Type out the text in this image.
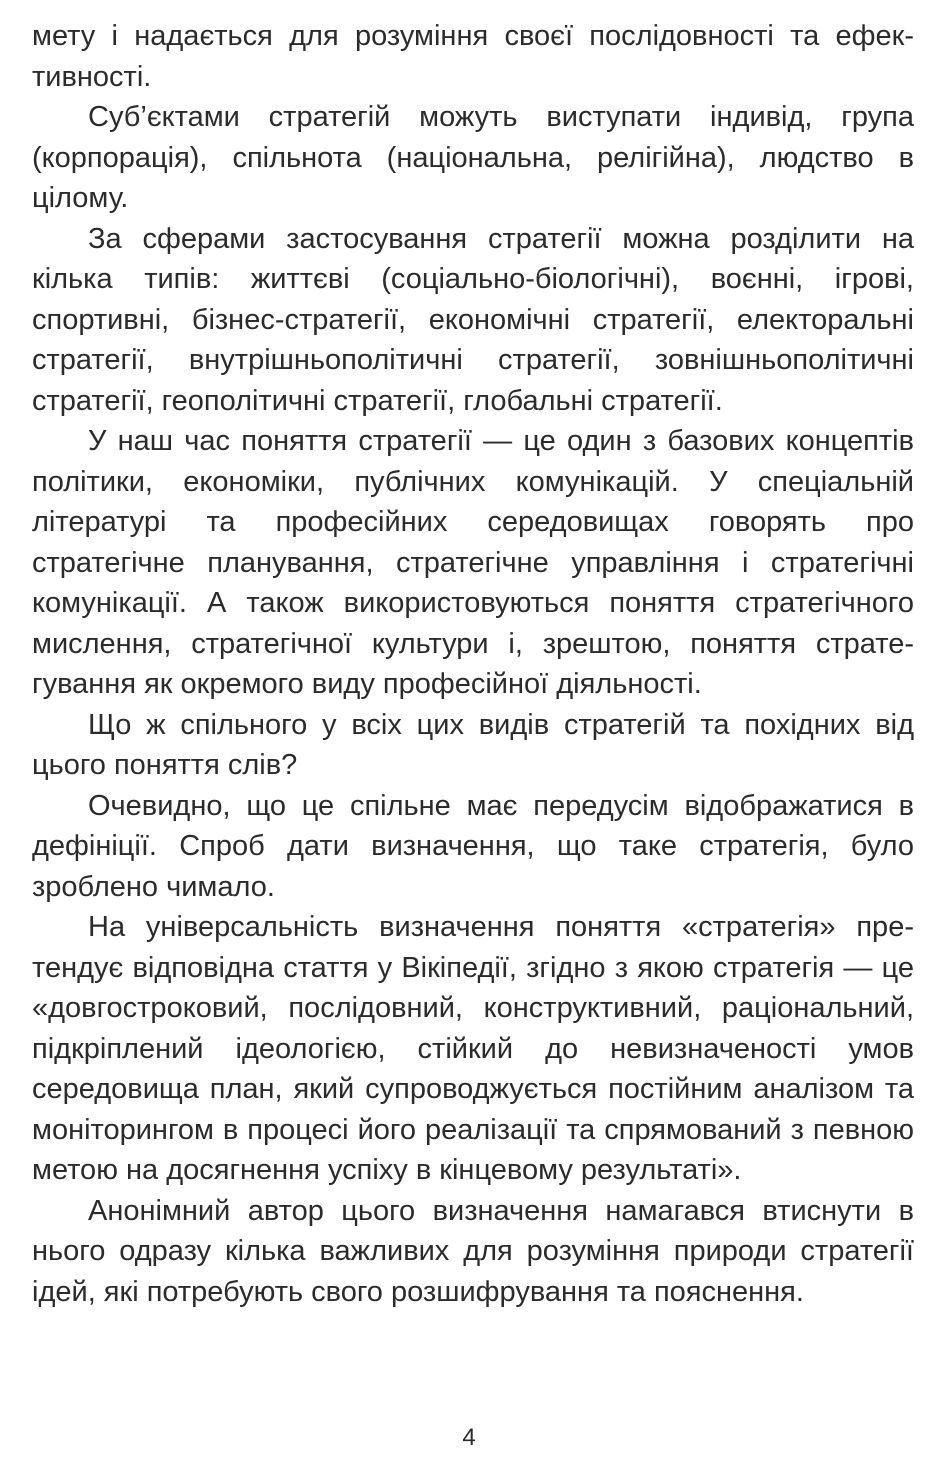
мету і надається для розуміння своєї послідовності та ефективності.

Суб’єктами стратегій можуть виступати індивід, група (корпорація), спільнота (національна, релігійна), людство в цілому.

За сферами застосування стратегії можна розділити на кілька типів: життєві (соціально-біологічні), воєнні, ігрові, спортивні, бізнес-стратегії, економічні стратегії, електоральні стратегії, внутрішньополітичні стратегії, зовнішньополітичні стратегії, геополітичні стратегії, глобальні стратегії.

У наш час поняття стратегії — це один з базових концептів політики, економіки, публічних комунікацій. У спеціальній літературі та професійних середовищах говорять про стратегічне планування, стратегічне управління і стратегічні комунікації. А також використовуються поняття стратегічного мислення, стратегічної культури і, зрештою, поняття стратегування як окремого виду професійної діяльності.

Що ж спільного у всіх цих видів стратегій та похідних від цього поняття слів?

Очевидно, що це спільне має передусім відображатися в дефініції. Спроб дати визначення, що таке стратегія, було зроблено чимало.

На універсальність визначення поняття «стратегія» претендує відповідна стаття у Вікіпедії, згідно з якою стратегія — це «довгостроковий, послідовний, конструктивний, раціональний, підкріплений ідеологією, стійкий до невизначеності умов середовища план, який супроводжується постійним аналізом та моніторингом в процесі його реалізації та спрямований з певною метою на досягнення успіху в кінцевому результаті».

Анонімний автор цього визначення намагався втиснути в нього одразу кілька важливих для розуміння природи стратегії ідей, які потребують свого розшифрування та пояснення.

4
